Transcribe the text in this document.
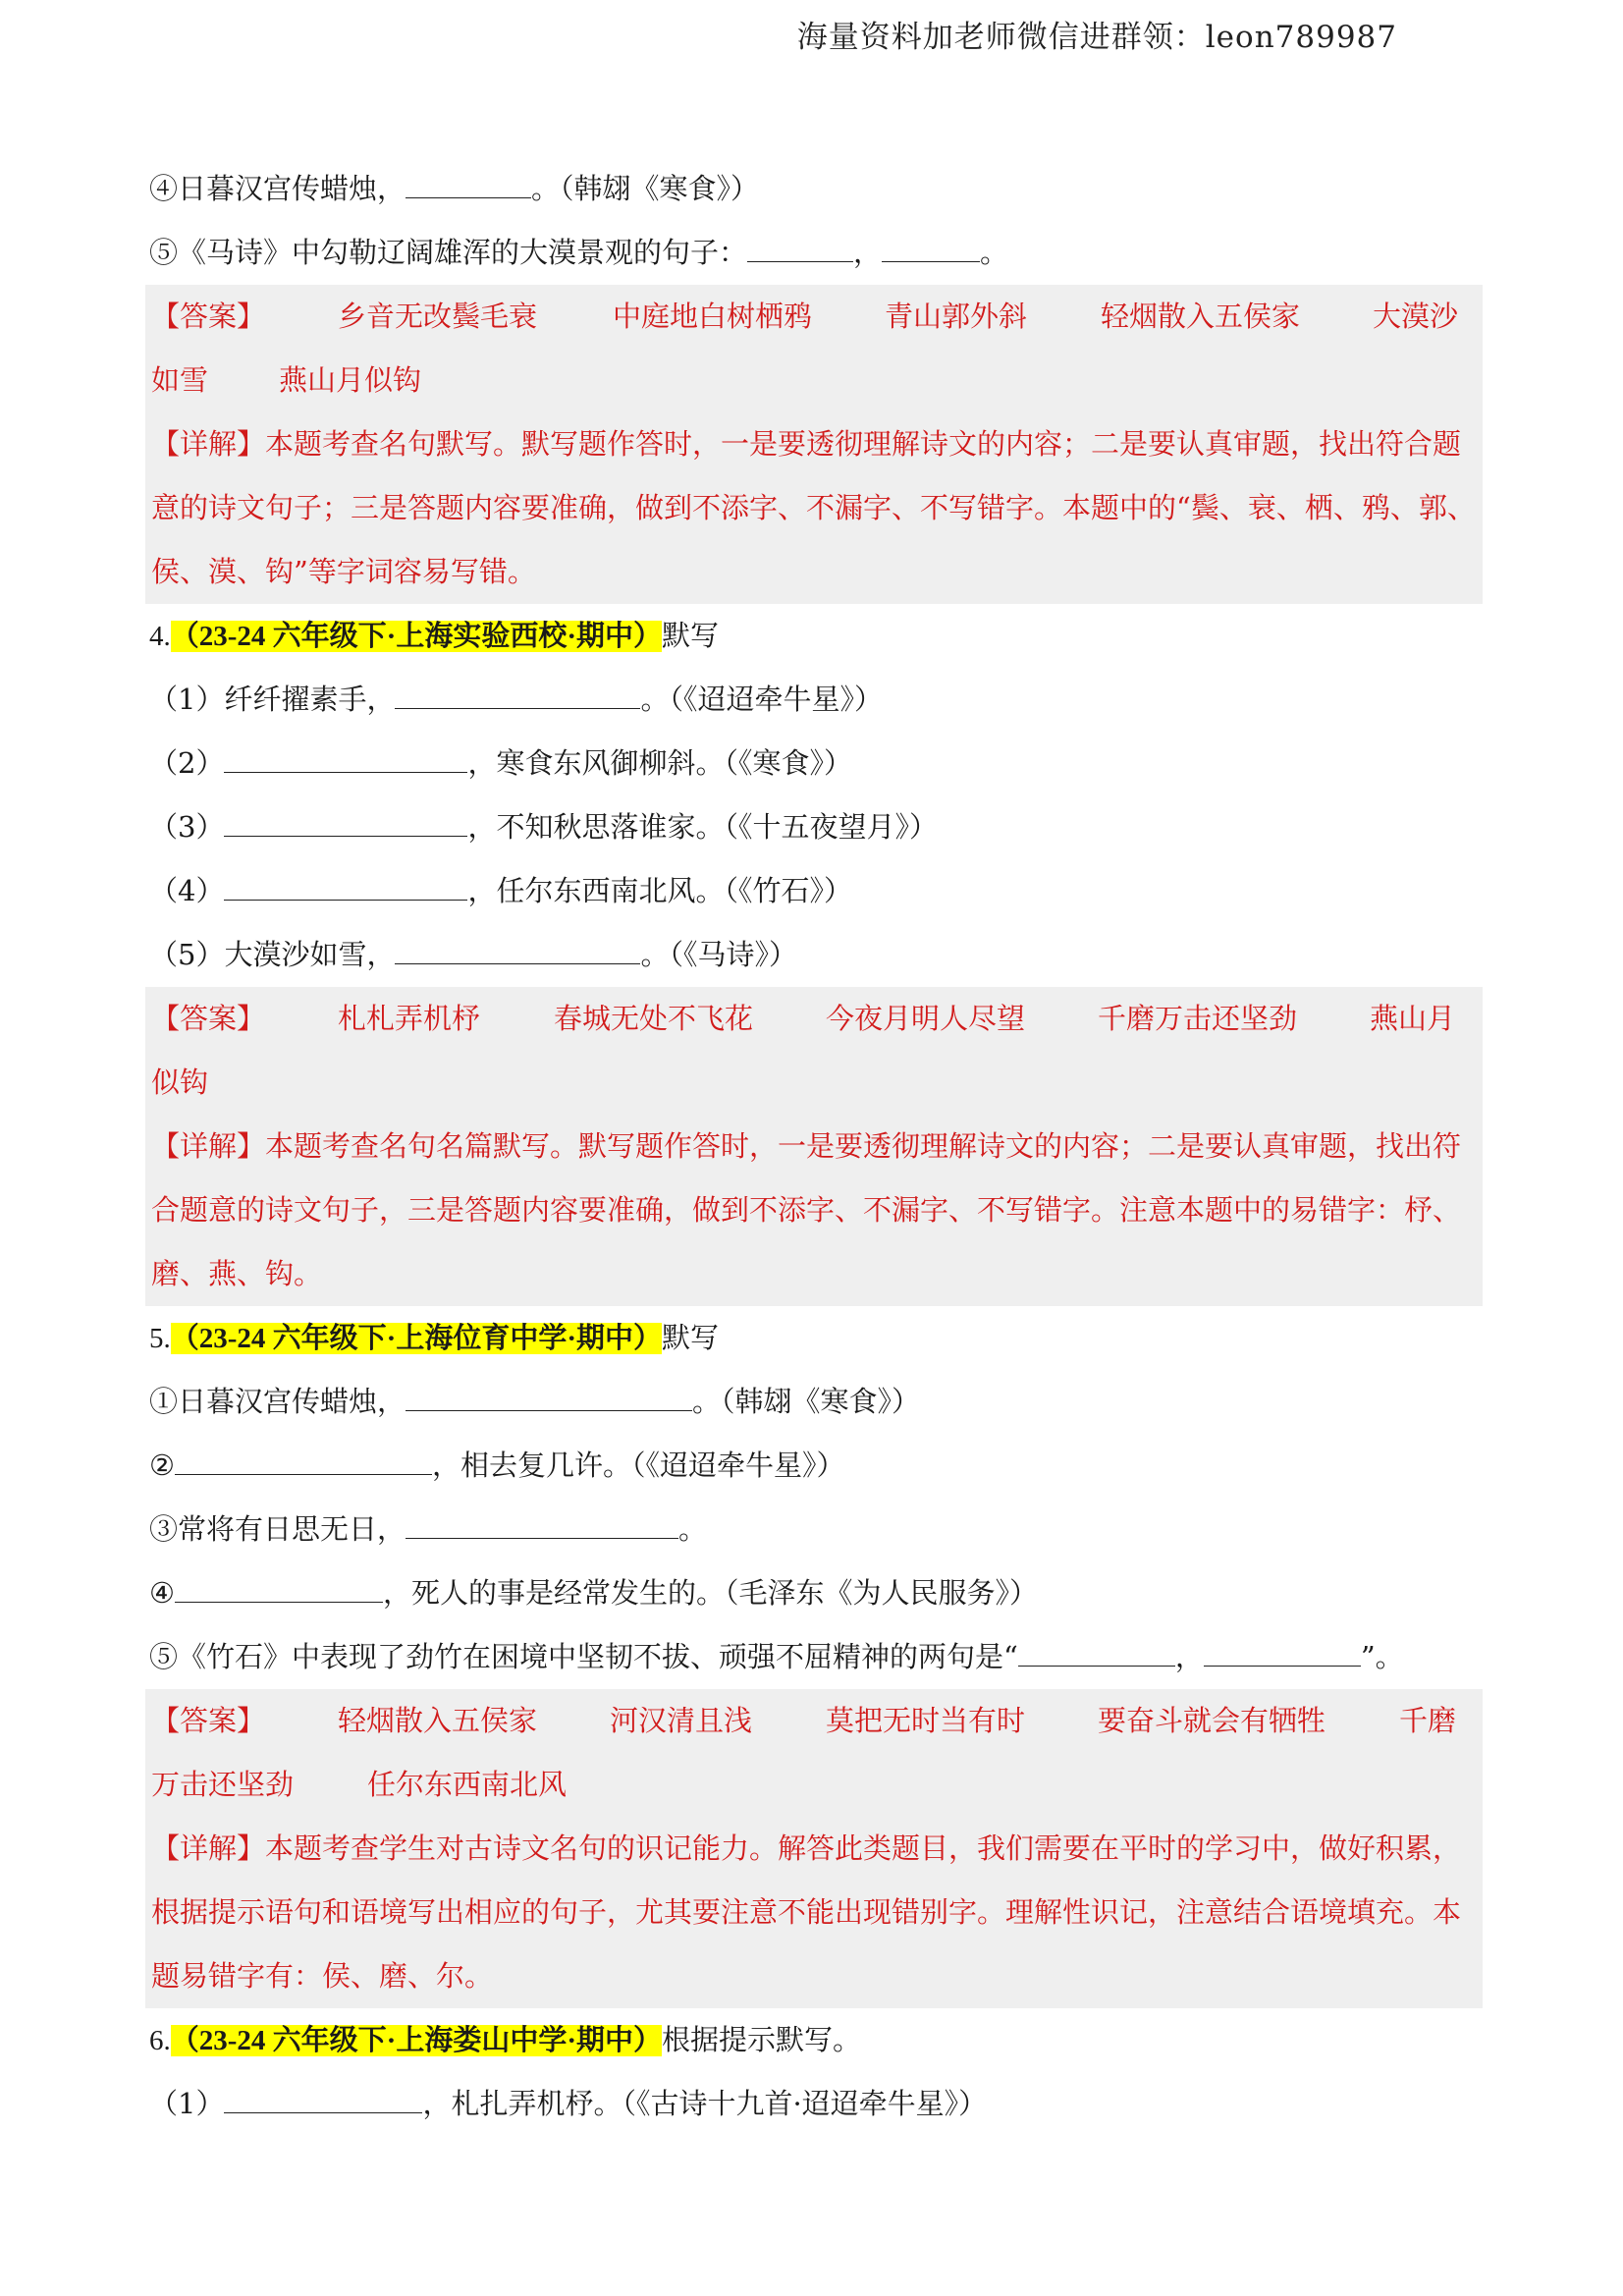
海量资料加老师微信进群领：leon789987
④日暮汉宫传蜡烛，	。（韩翃《寒食》）
⑤《马诗》中勾勒辽阔雄浑的大漠景观的句子：	，	。
【答案】	乡音无改鬓毛衰	中庭地白树栖鸦	青山郭外斜	轻烟散入五侯家	大漠沙
如雪	燕山月似钩
【详解】本题考查名句默写。默写题作答时，一是要透彻理解诗文的内容；二是要认真审题，找出符合题
意的诗文句子；三是答题内容要准确，做到不添字、不漏字、不写错字。本题中的“鬓、衰、栖、鸦、郭、
侯、漠、钩”等字词容易写错。
4.（23-24 六年级下·上海实验西校·期中）默写
（1）纤纤擢素手，	。（《迢迢牵牛星》）
（2）	，寒食东风御柳斜。（《寒食》）
（3）	，不知秋思落谁家。（《十五夜望月》）
（4）	，任尔东西南北风。（《竹石》）
（5）大漠沙如雪，	。（《马诗》）
【答案】	札札弄机杼	春城无处不飞花	今夜月明人尽望	千磨万击还坚劲	燕山月
似钩
【详解】本题考查名句名篇默写。默写题作答时，一是要透彻理解诗文的内容；二是要认真审题，找出符
合题意的诗文句子，三是答题内容要准确，做到不添字、不漏字、不写错字。注意本题中的易错字：杼、
磨、燕、钩。
5.（23-24 六年级下·上海位育中学·期中）默写
①日暮汉宫传蜡烛，	。（韩翃《寒食》）
②	，相去复几许。（《迢迢牵牛星》）
③常将有日思无日，	。
④	，死人的事是经常发生的。（毛泽东《为人民服务》）
⑤《竹石》中表现了劲竹在困境中坚韧不拔、顽强不屈精神的两句是“	，	”。
【答案】	轻烟散入五侯家	河汉清且浅	莫把无时当有时	要奋斗就会有牺牲	千磨
万击还坚劲	任尔东西南北风
【详解】本题考查学生对古诗文名句的识记能力。解答此类题目，我们需要在平时的学习中，做好积累，
根据提示语句和语境写出相应的句子，尤其要注意不能出现错别字。理解性识记，注意结合语境填充。本
题易错字有：侯、磨、尔。
6.（23-24 六年级下·上海娄山中学·期中）根据提示默写。
（1）	，札扎弄机杼。（《古诗十九首·迢迢牵牛星》）
